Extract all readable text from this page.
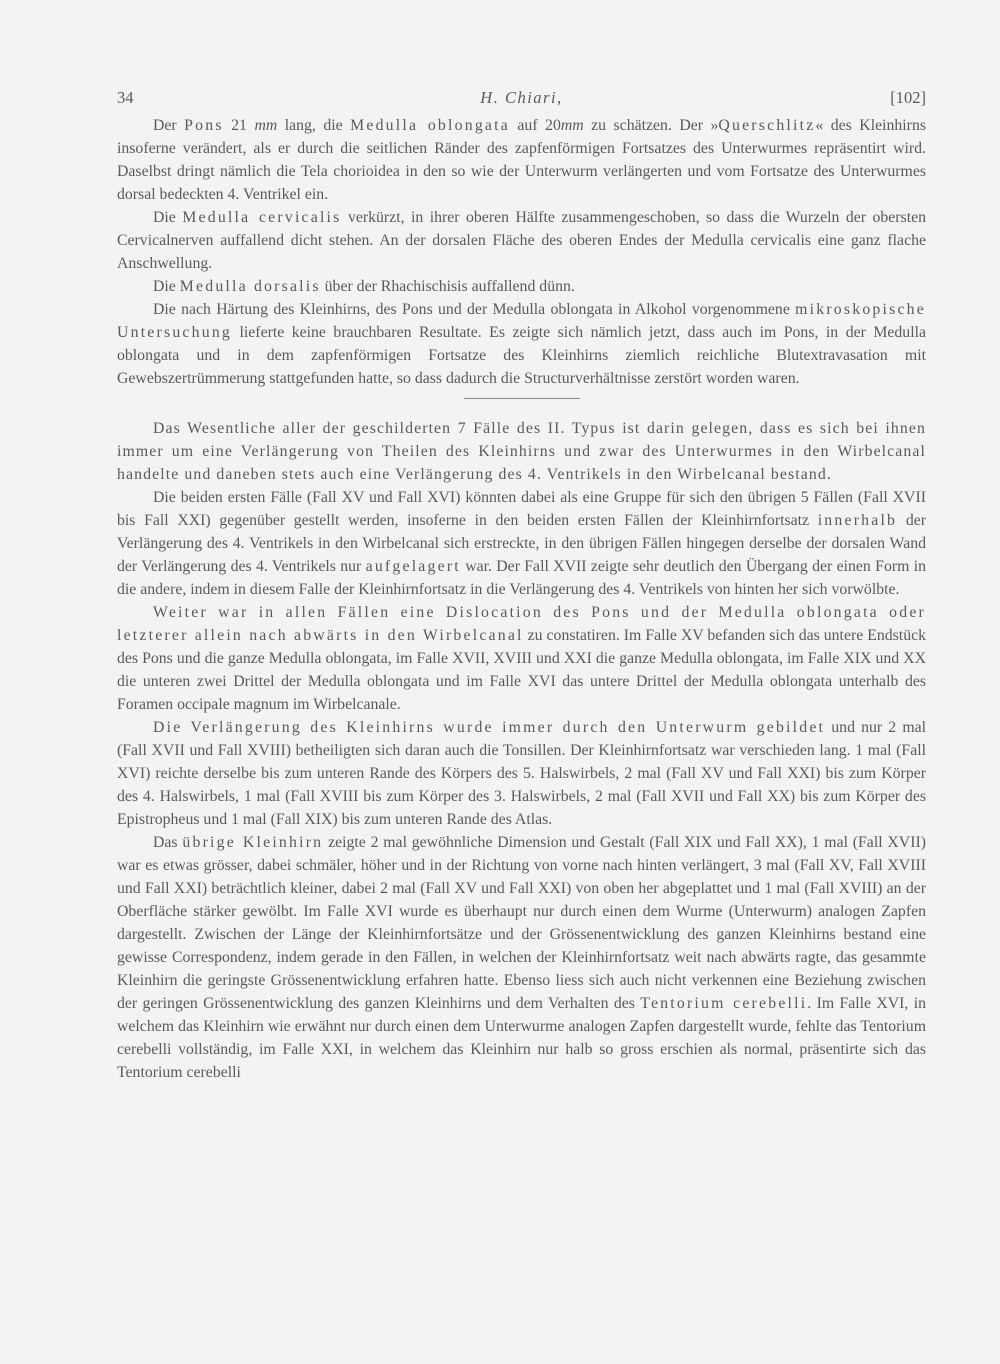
34	H. Chiari,	[102]

Der Pons 21 mm lang, die Medulla oblongata auf 20mm zu schätzen. Der »Querschlitz« des Kleinhirns insoferne verändert, als er durch die seitlichen Ränder des zapfenförmigen Fortsatzes des Unterwurmes repräsentirt wird. Daselbst dringt nämlich die Tela chorioidea in den so wie der Unterwurm verlängerten und vom Fortsatze des Unterwurmes dorsal bedeckten 4. Ventrikel ein.

Die Medulla cervicalis verkürzt, in ihrer oberen Hälfte zusammengeschoben, so dass die Wurzeln der obersten Cervicalnerven auffallend dicht stehen. An der dorsalen Fläche des oberen Endes der Medulla cervicalis eine ganz flache Anschwellung.

Die Medulla dorsalis über der Rhachischisis auffallend dünn.

Die nach Härtung des Kleinhirns, des Pons und der Medulla oblongata in Alkohol vorgenommene mikroskopische Untersuchung lieferte keine brauchbaren Resultate. Es zeigte sich nämlich jetzt, dass auch im Pons, in der Medulla oblongata und in dem zapfenförmigen Fortsatze des Kleinhirns ziemlich reichliche Blutextravasation mit Gewebszertrümmerung stattgefunden hatte, so dass dadurch die Structurverhältnisse zerstört worden waren.

Das Wesentliche aller der geschilderten 7 Fälle des II. Typus ist darin gelegen, dass es sich bei ihnen immer um eine Verlängerung von Theilen des Kleinhirns und zwar des Unterwurmes in den Wirbelcanal handelte und daneben stets auch eine Verlängerung des 4. Ventrikels in den Wirbelcanal bestand.

Die beiden ersten Fälle (Fall XV und Fall XVI) könnten dabei als eine Gruppe für sich den übrigen 5 Fällen (Fall XVII bis Fall XXI) gegenüber gestellt werden, insoferne in den beiden ersten Fällen der Kleinhirnfortsatz innerhalb der Verlängerung des 4. Ventrikels in den Wirbelcanal sich erstreckte, in den übrigen Fällen hingegen derselbe der dorsalen Wand der Verlängerung des 4. Ventrikels nur aufgelagert war. Der Fall XVII zeigte sehr deutlich den Übergang der einen Form in die andere, indem in diesem Falle der Kleinhirnfortsatz in die Verlängerung des 4. Ventrikels von hinten her sich vorwölbte.

Weiter war in allen Fällen eine Dislocation des Pons und der Medulla oblongata oder letzterer allein nach abwärts in den Wirbelcanal zu constatiren. Im Falle XV befanden sich das untere Endstück des Pons und die ganze Medulla oblongata, im Falle XVII, XVIII und XXI die ganze Medulla oblongata, im Falle XIX und XX die unteren zwei Drittel der Medulla oblongata und im Falle XVI das untere Drittel der Medulla oblongata unterhalb des Foramen occipale magnum im Wirbelcanale.

Die Verlängerung des Kleinhirns wurde immer durch den Unterwurm gebildet und nur 2 mal (Fall XVII und Fall XVIII) betheiligten sich daran auch die Tonsillen. Der Kleinhirnfortsatz war verschieden lang. 1 mal (Fall XVI) reichte derselbe bis zum unteren Rande des Körpers des 5. Halswirbels, 2 mal (Fall XV und Fall XXI) bis zum Körper des 4. Halswirbels, 1 mal (Fall XVIII bis zum Körper des 3. Halswirbels, 2 mal (Fall XVII und Fall XX) bis zum Körper des Epistropheus und 1 mal (Fall XIX) bis zum unteren Rande des Atlas.

Das übrige Kleinhirn zeigte 2 mal gewöhnliche Dimension und Gestalt (Fall XIX und Fall XX), 1 mal (Fall XVII) war es etwas grösser, dabei schmäler, höher und in der Richtung von vorne nach hinten verlängert, 3 mal (Fall XV, Fall XVIII und Fall XXI) beträchtlich kleiner, dabei 2 mal (Fall XV und Fall XXI) von oben her abgeplattet und 1 mal (Fall XVIII) an der Oberfläche stärker gewölbt. Im Falle XVI wurde es überhaupt nur durch einen dem Wurme (Unterwurm) analogen Zapfen dargestellt. Zwischen der Länge der Kleinhirnfortsätze und der Grössenentwicklung des ganzen Kleinhirns bestand eine gewisse Correspondenz, indem gerade in den Fällen, in welchen der Kleinhirnfortsatz weit nach abwärts ragte, das gesammte Kleinhirn die geringste Grössenentwicklung erfahren hatte. Ebenso liess sich auch nicht verkennen eine Beziehung zwischen der geringen Grössenentwicklung des ganzen Kleinhirns und dem Verhalten des Tentorium cerebelli. Im Falle XVI, in welchem das Kleinhirn wie erwähnt nur durch einen dem Unterwurme analogen Zapfen dargestellt wurde, fehlte das Tentorium cerebelli vollständig, im Falle XXI, in welchem das Kleinhirn nur halb so gross erschien als normal, präsentirte sich das Tentorium cerebelli
